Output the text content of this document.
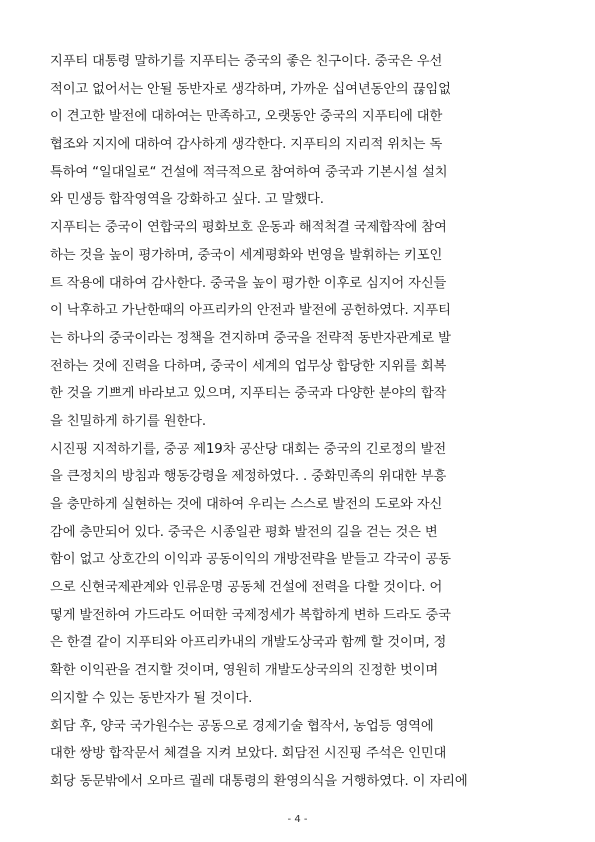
지푸티 대통령 말하기를 지푸티는 중국의 좋은 친구이다. 중국은 우선
적이고 없어서는 안될 동반자로 생각하며, 가까운 십여년동안의 끊임없
이 견고한 발전에 대하여는 만족하고, 오랫동안 중국의 지푸티에 대한
협조와 지지에 대하여 감사하게 생각한다. 지푸티의 지리적 위치는 독
특하여 “일대일로“ 건설에 적극적으로 참여하여 중국과 기본시설 설치
와 민생등 합작영역을 강화하고 싶다. 고 말했다.
지푸티는 중국이 연합국의 평화보호 운동과 해적척결 국제합작에 참여
하는 것을 높이 평가하며, 중국이 세계평화와 번영을 발휘하는 키포인
트 작용에 대하여 감사한다. 중국을 높이 평가한 이후로 심지어 자신들
이 낙후하고 가난한때의 아프리카의 안전과 발전에 공헌하였다. 지푸티
는 하나의 중국이라는 정책을 견지하며 중국을 전략적 동반자관계로 발
전하는 것에 진력을 다하며, 중국이 세계의 업무상 합당한 지위를 회복
한 것을 기쁘게 바라보고 있으며, 지푸티는 중국과 다양한 분야의 합작
을 친밀하게 하기를 원한다.
시진핑 지적하기를, 중공 제19차 공산당 대회는 중국의 긴로정의 발전
을 큰정치의 방침과 행동강령을 제정하였다. . 중화민족의 위대한 부흥
을 충만하게 실현하는 것에 대하여 우리는 스스로 발전의 도로와 자신
감에 충만되어 있다. 중국은 시종일관 평화 발전의 길을 걷는 것은 변
함이 없고 상호간의 이익과 공동이익의 개방전략을 받들고 각국이 공동
으로 신현국제관계와 인류운명 공동체 건설에 전력을 다할 것이다. 어
떻게 발전하여 가드라도 어떠한 국제정세가 복합하게 변하 드라도 중국
은 한결 같이 지푸티와 아프리카내의 개발도상국과 함께 할 것이며, 정
확한 이익관을 견지할 것이며, 영원히 개발도상국의의 진정한 벗이며
의지할 수 있는 동반자가 될 것이다.
회담 후, 양국 국가원수는 공동으로 경제기술 협작서, 농업등 영역에
대한 쌍방 합작문서 체결을 지켜 보았다. 회담전 시진핑 주석은 인민대
회당 동문밖에서 오마르 궐레 대통령의 환영의식을 거행하였다. 이 자리에
- 4 -
